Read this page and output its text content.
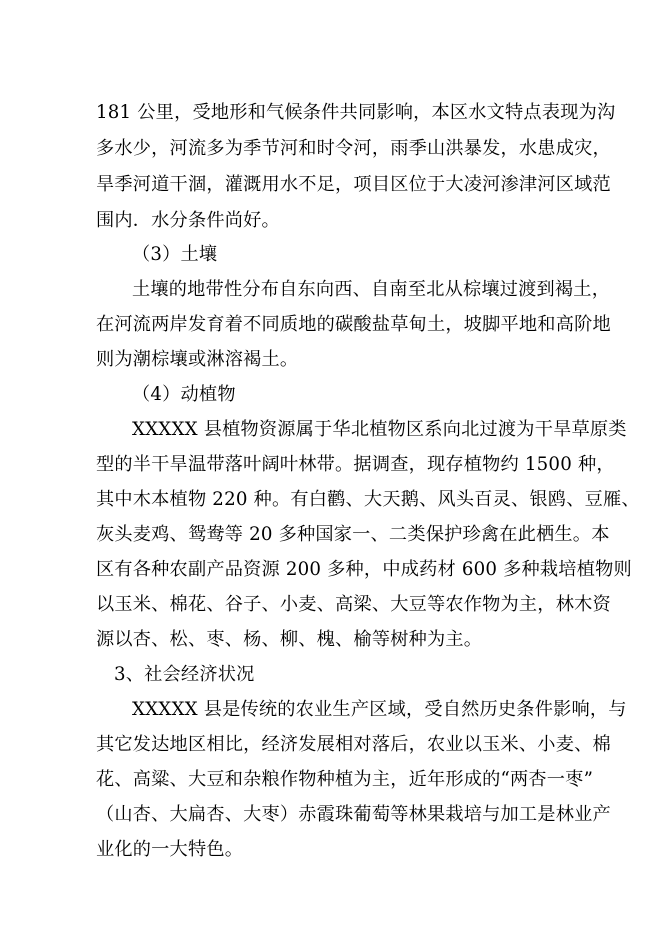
181 公里，受地形和气候条件共同影响，本区水文特点表现为沟
多水少，河流多为季节河和时令河，雨季山洪暴发，水患成灾，
旱季河道干涸，灌溉用水不足，项目区位于大凌河渗津河区域范
围内．水分条件尚好。
（3）土壤
土壤的地带性分布自东向西、自南至北从棕壤过渡到褐土，
在河流两岸发育着不同质地的碳酸盐草甸土，坡脚平地和高阶地
则为潮棕壤或淋溶褐土。
（4）动植物
XXXXX 县植物资源属于华北植物区系向北过渡为干旱草原类
型的半干旱温带落叶阔叶林带。据调查，现存植物约 1500 种，
其中木本植物 220 种。有白鹳、大天鹅、风头百灵、银鸥、豆雁、
灰头麦鸡、鸳鸯等 20 多种国家一、二类保护珍禽在此栖生。本
区有各种农副产品资源 200 多种，中成药材 600 多种栽培植物则
以玉米、棉花、谷子、小麦、高梁、大豆等农作物为主，林木资
源以杏、松、枣、杨、柳、槐、榆等树种为主。
3、社会经济状况
XXXXX 县是传统的农业生产区域，受自然历史条件影响，与
其它发达地区相比，经济发展相对落后，农业以玉米、小麦、棉
花、高粱、大豆和杂粮作物种植为主，近年形成的“两杏一枣”
（山杏、大扁杏、大枣）赤霞珠葡萄等林果栽培与加工是林业产
业化的一大特色。
